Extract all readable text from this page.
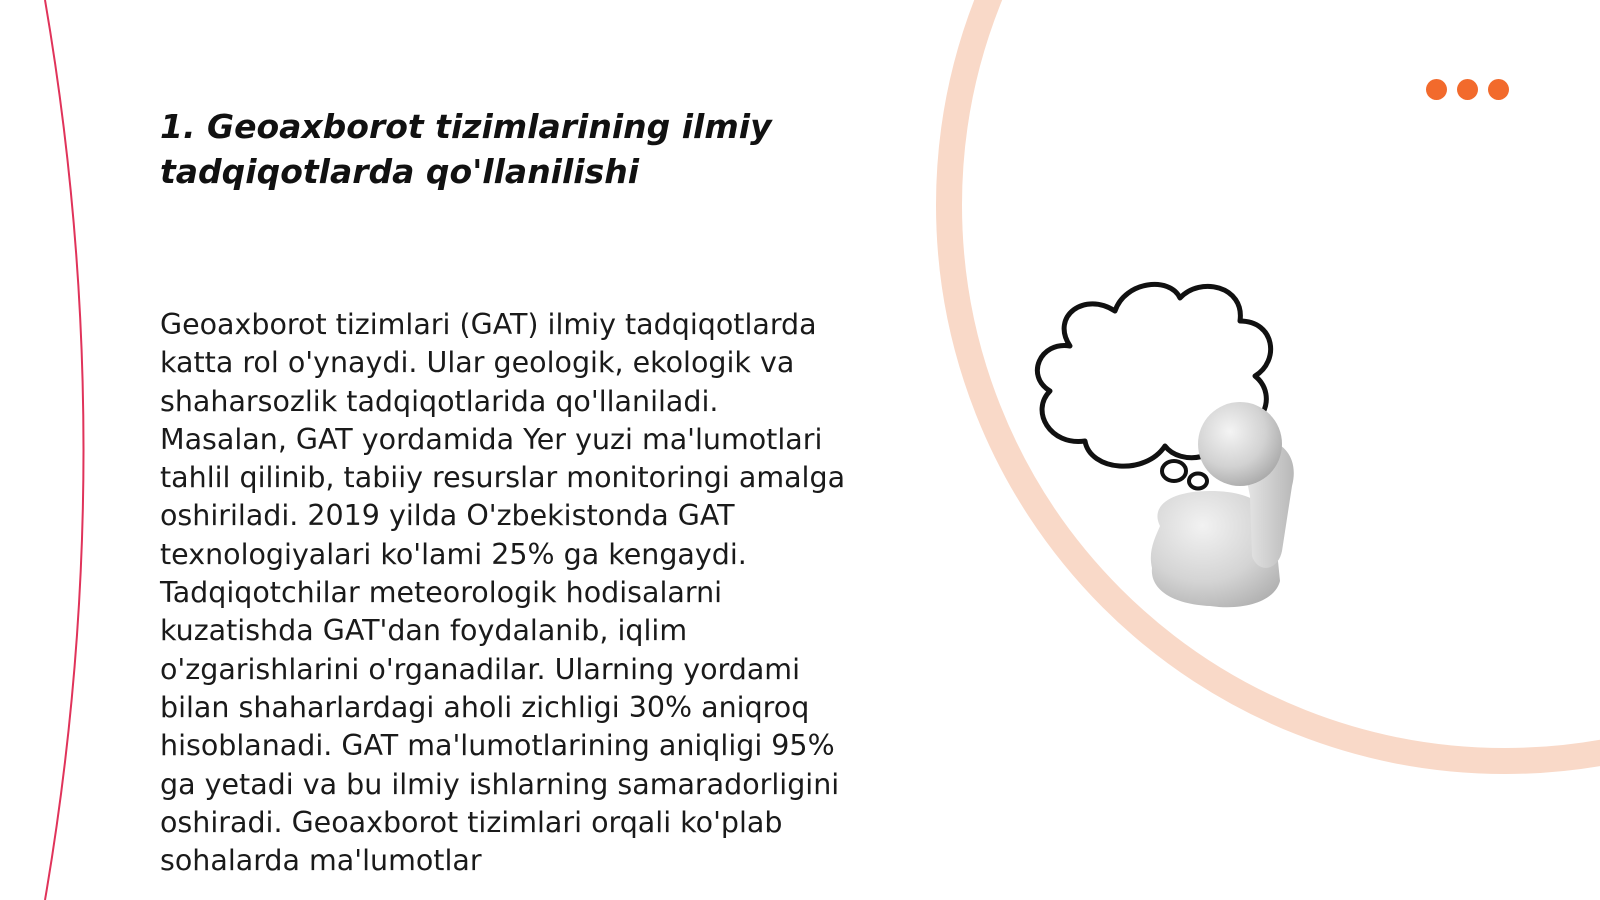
1. Geoaxborot tizimlarining ilmiy tadqiqotlarda qo'llanilishi

Geoaxborot tizimlari (GAT) ilmiy tadqiqotlarda katta rol o'ynaydi. Ular geologik, ekologik va shaharsozlik tadqiqotlarida qo'llaniladi. Masalan, GAT yordamida Yer yuzi ma'lumotlari tahlil qilinib, tabiiy resurslar monitoringi amalga oshiriladi. 2019 yilda O'zbekistonda GAT texnologiyalari ko'lami 25% ga kengaydi. Tadqiqotchilar meteorologik hodisalarni kuzatishda GAT'dan foydalanib, iqlim o'zgarishlarini o'rganadilar. Ularning yordami bilan shaharlardagi aholi zichligi 30% aniqroq hisoblanadi. GAT ma'lumotlarining aniqligi 95% ga yetadi va bu ilmiy ishlarning samaradorligini oshiradi. Geoaxborot tizimlari orqali ko'plab sohalarda ma'lumotlar
